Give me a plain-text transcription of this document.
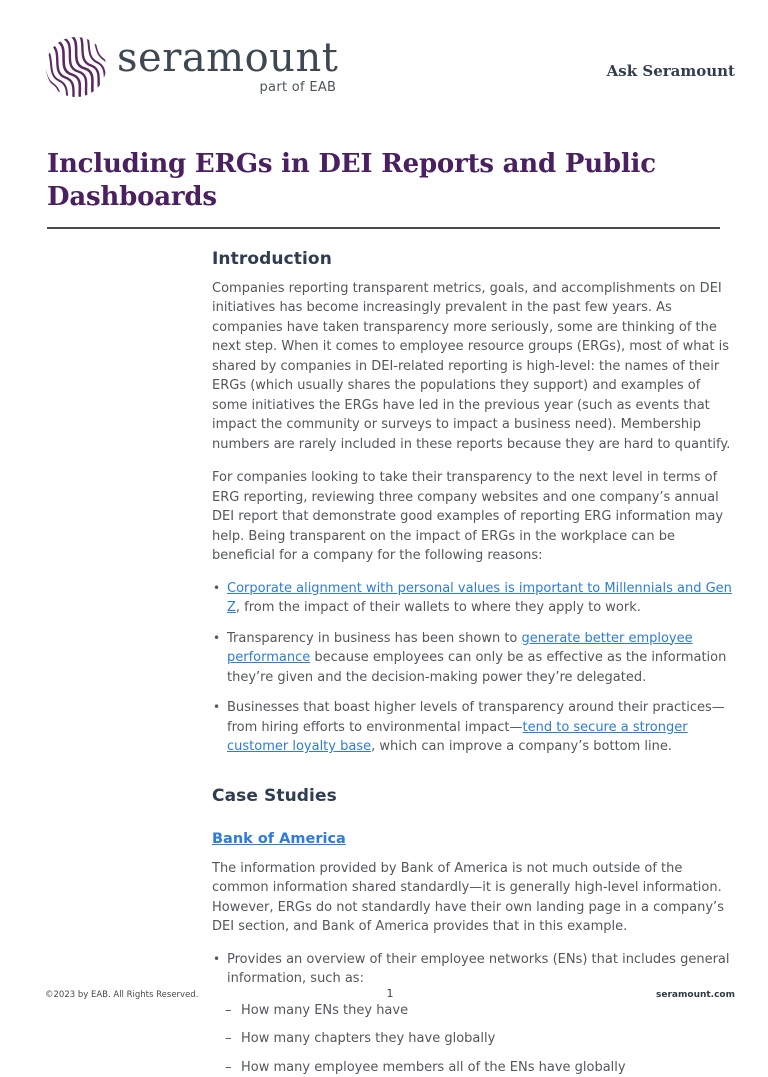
seramount
part of EAB
Ask Seramount
Including ERGs in DEI Reports and Public Dashboards
Introduction

Companies reporting transparent metrics, goals, and accomplishments on DEI initiatives has become increasingly prevalent in the past few years. As companies have taken transparency more seriously, some are thinking of the next step. When it comes to employee resource groups (ERGs), most of what is shared by companies in DEI-related reporting is high-level: the names of their ERGs (which usually shares the populations they support) and examples of some initiatives the ERGs have led in the previous year (such as events that impact the community or surveys to impact a business need). Membership numbers are rarely included in these reports because they are hard to quantify.

For companies looking to take their transparency to the next level in terms of ERG reporting, reviewing three company websites and one company’s annual DEI report that demonstrate good examples of reporting ERG information may help. Being transparent on the impact of ERGs in the workplace can be beneficial for a company for the following reasons:

• Corporate alignment with personal values is important to Millennials and Gen Z, from the impact of their wallets to where they apply to work.
• Transparency in business has been shown to generate better employee performance because employees can only be as effective as the information they’re given and the decision-making power they’re delegated.
• Businesses that boast higher levels of transparency around their practices—from hiring efforts to environmental impact—tend to secure a stronger customer loyalty base, which can improve a company’s bottom line.
Case Studies
Bank of America

The information provided by Bank of America is not much outside of the common information shared standardly—it is generally high-level information. However, ERGs do not standardly have their own landing page in a company’s DEI section, and Bank of America provides that in this example.

• Provides an overview of their employee networks (ENs) that includes general information, such as:
– How many ENs they have
– How many chapters they have globally
– How many employee members all of the ENs have globally
©2023 by EAB. All Rights Reserved.	1	seramount.com
